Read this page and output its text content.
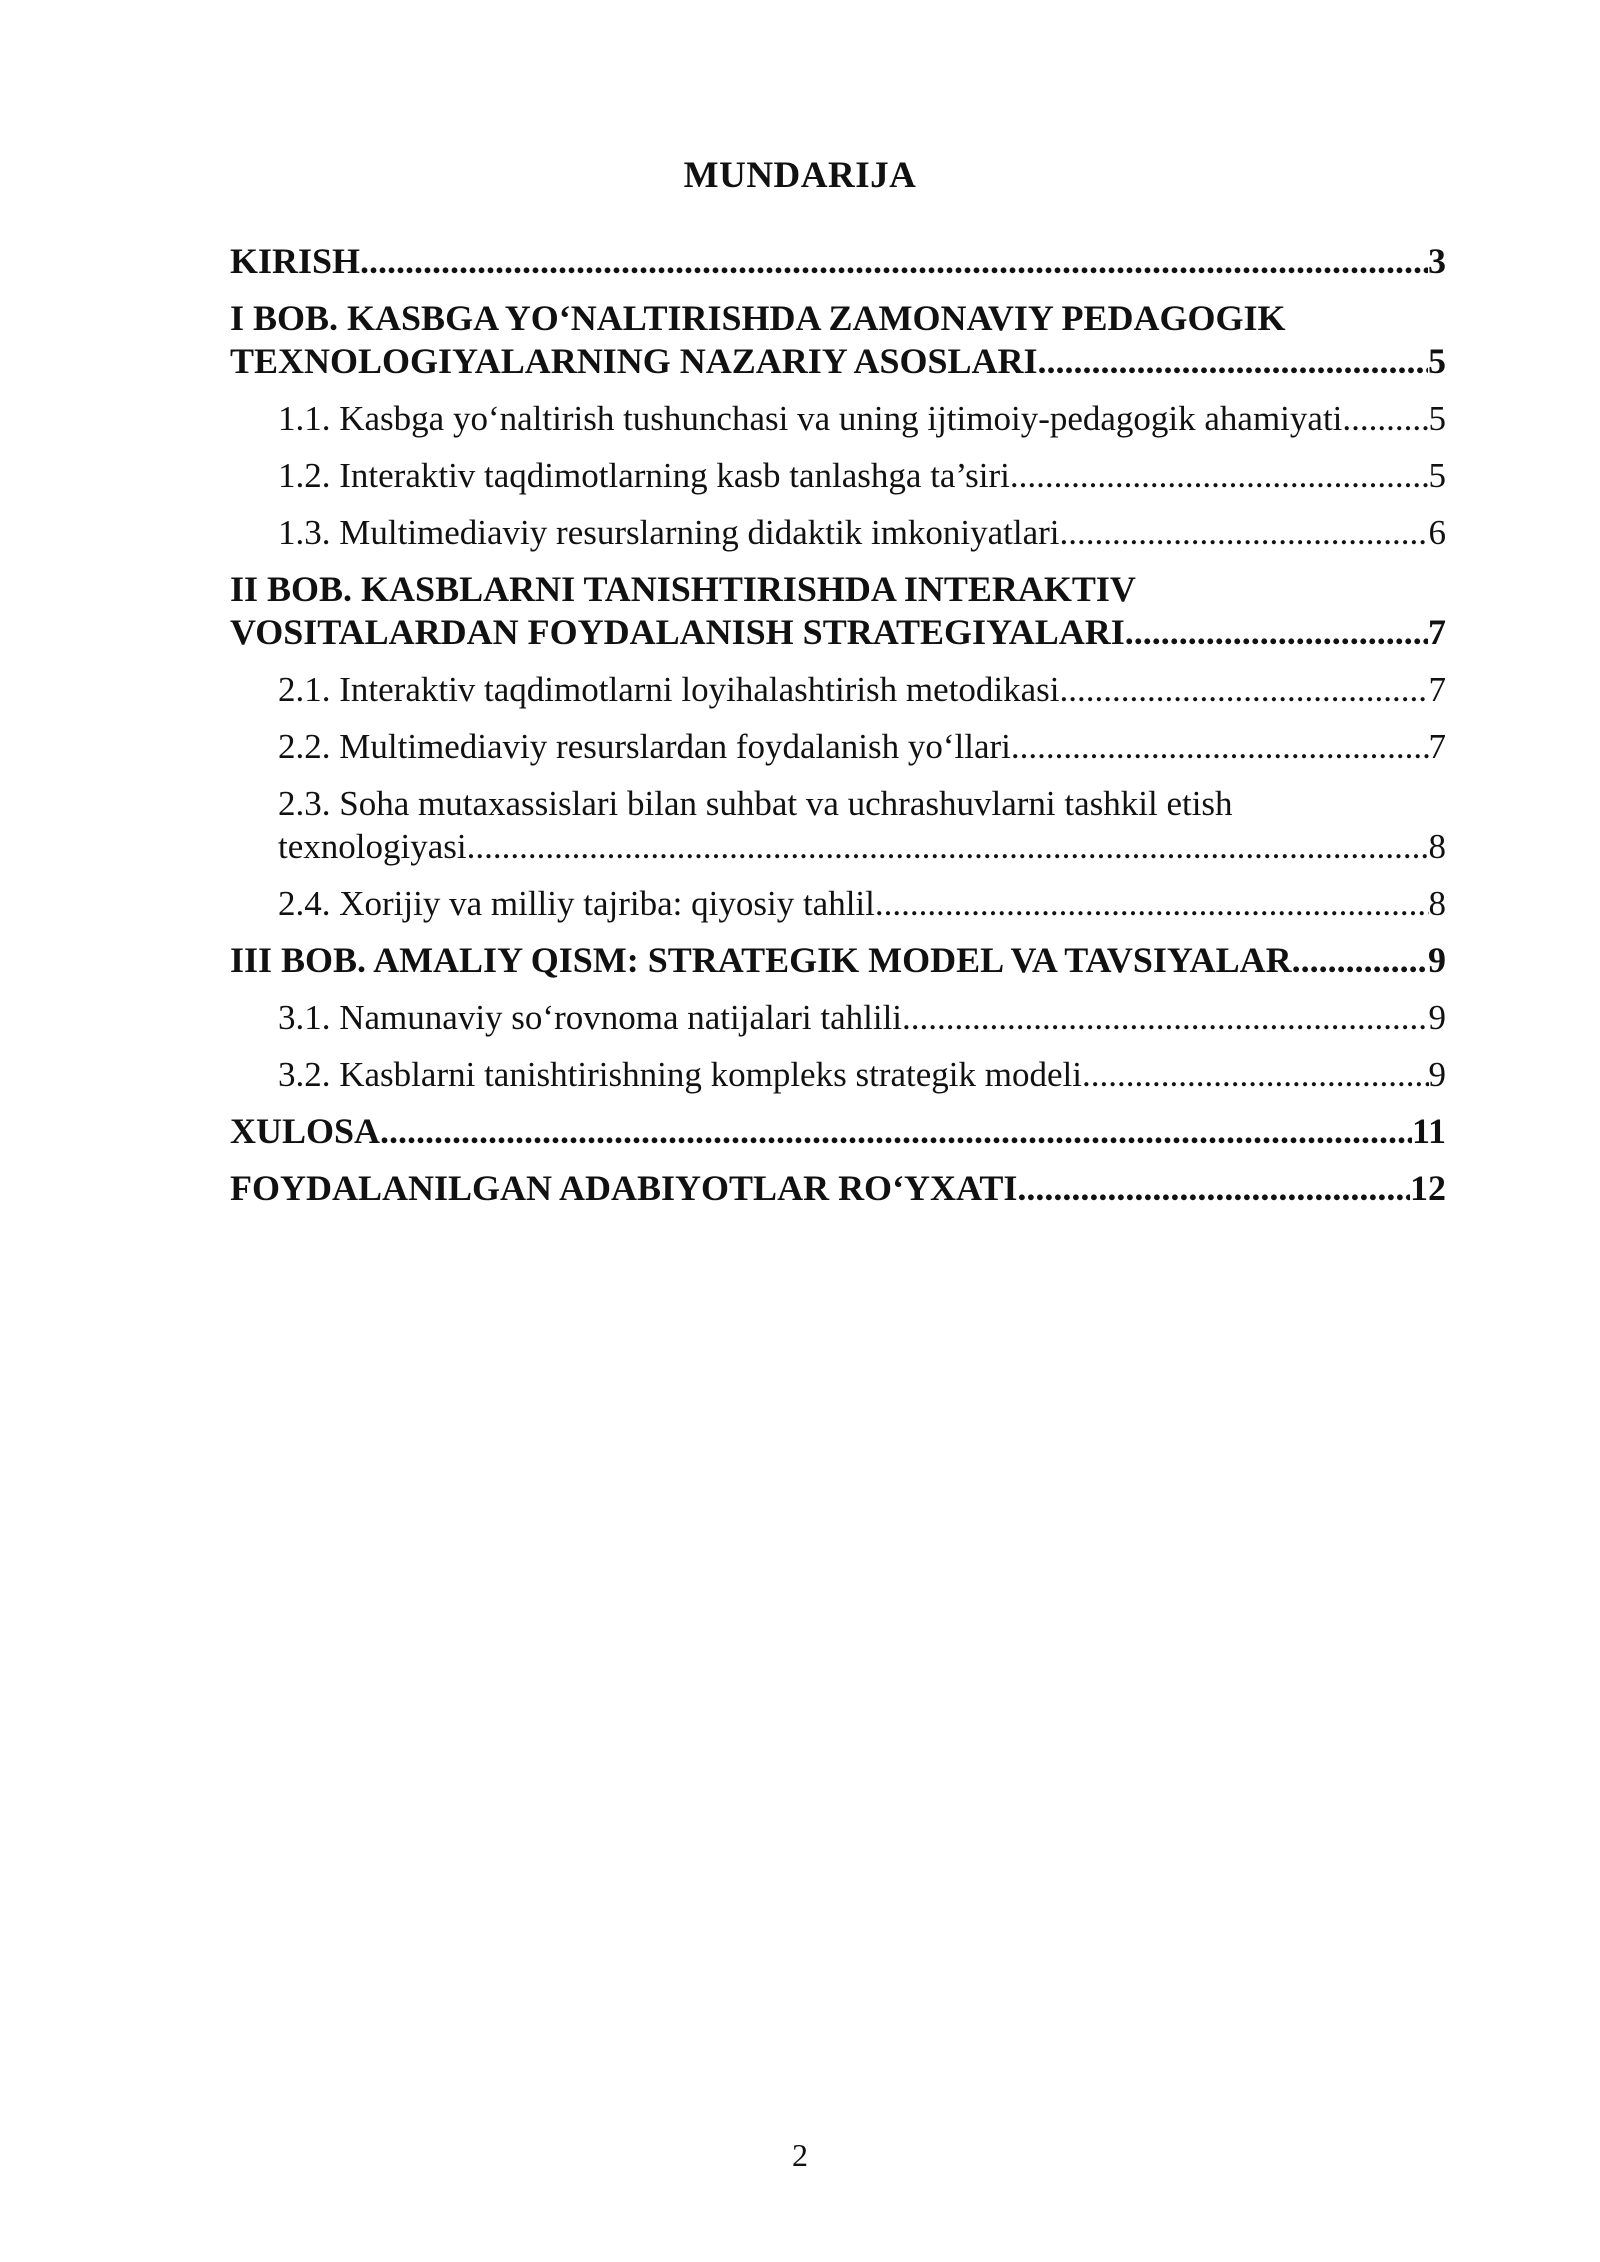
MUNDARIJA
KIRISH .....	3
I BOB. KASBGA YO‘NALTIRISHDA ZAMONAVIY PEDAGOGIK
TEXNOLOGIYALARNING NAZARIY ASOSLARI .....	5
1.1. Kasbga yo‘naltirish tushunchasi va uning ijtimoiy-pedagogik ahamiyati ..... 5
1.2. Interaktiv taqdimotlarning kasb tanlashga ta’siri .....	5
1.3. Multimediaviy resurslarning didaktik imkoniyatlari .....	6
II BOB. KASBLARNI TANISHTIRISHDA INTERAKTIV
VOSITALARDAN FOYDALANISH STRATEGIYALARI .....	7
2.1. Interaktiv taqdimotlarni loyihalashtirish metodikasi .....	7
2.2. Multimediaviy resurslardan foydalanish yo‘llari .....	7
2.3. Soha mutaxassislari bilan suhbat va uchrashuvlarni tashkil etish
texnologiyasi .....	8
2.4. Xorijiy va milliy tajriba: qiyosiy tahlil .....	8
III BOB. AMALIY QISM: STRATEGIK MODEL VA TAVSIYALAR .....	9
3.1. Namunaviy so‘rovnoma natijalari tahlili .....	9
3.2. Kasblarni tanishtirishning kompleks strategik modeli .....	9
XULOSA .....	11
FOYDALANILGAN ADABIYOTLAR RO‘YXATI .....	12
2
